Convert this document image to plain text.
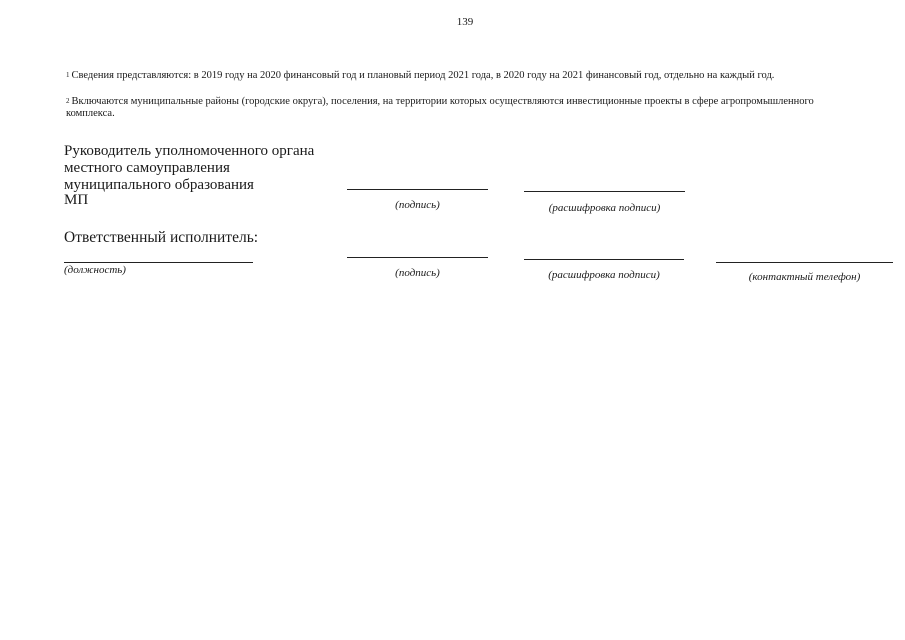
139
$^1$ Сведения представляются: в 2019 году на 2020 финансовый год и плановый период 2021 года, в 2020 году на 2021 финансовый год, отдельно на каждый год.
$^2$ Включаются муниципальные районы (городские округа), поселения, на территории которых осуществляются инвестиционные проекты в сфере агропромышленного комплекса.
Руководитель уполномоченного органа местного самоуправления муниципального образования
МП	(подпись)	(расшифровка подписи)
Ответственный исполнитель:
(должность)	(подпись)	(расшифровка подписи)	(контактный телефон)
